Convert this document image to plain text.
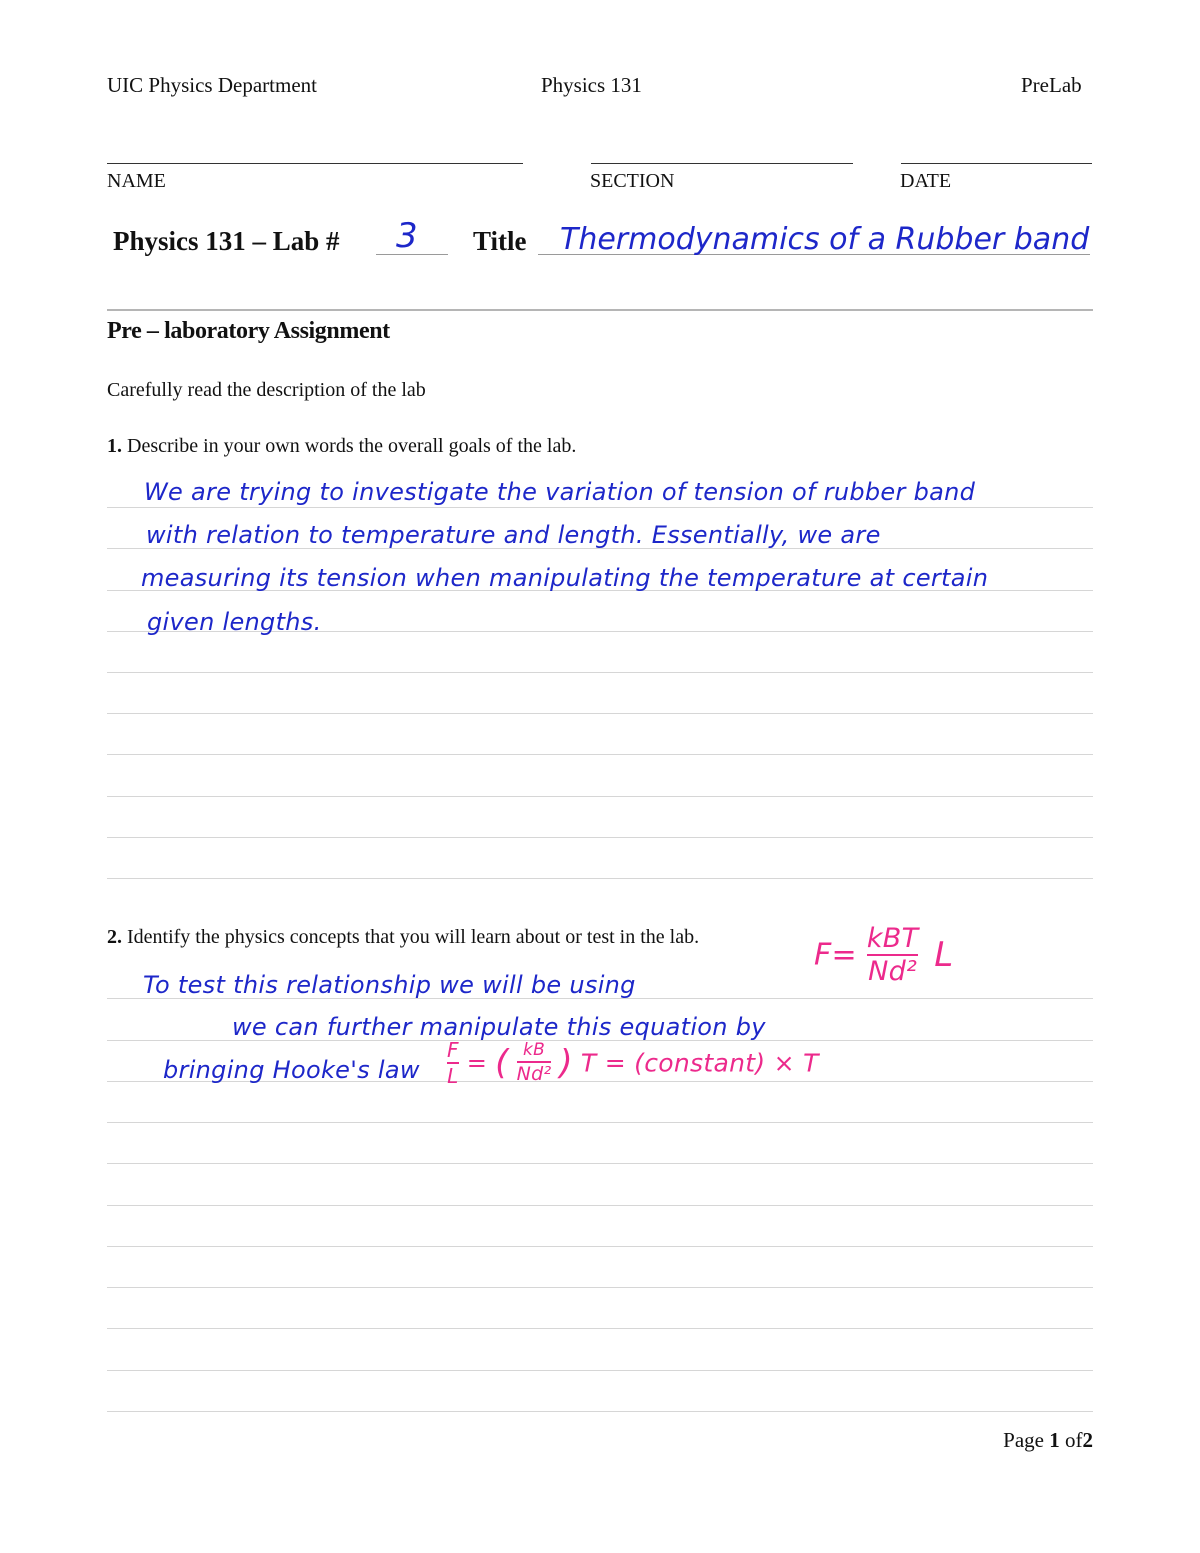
UIC Physics Department	Physics 131	PreLab
NAME	SECTION	DATE
Physics 131 – Lab # 3 Title Thermodynamics of a Rubber band
Pre – laboratory Assignment
Carefully read the description of the lab
1. Describe in your own words the overall goals of the lab.
We are trying to investigate the variation of tension of rubber band
with relation to temperature and length. Essentially, we are
measuring its tension when manipulating the temperature at certain
given lengths.
2. Identify the physics concepts that you will learn about or test in the lab.
To test this relationship we will be using
$F= \frac{\text{kBT}}{\text{Nd²}}$ L
we can further manipulate this equation by
bringing Hooke's law $\frac{F}{L}$ = ( $\frac{kB}{\text{Nd²}}$ ) T = (constant) × T
Page 1 of2
